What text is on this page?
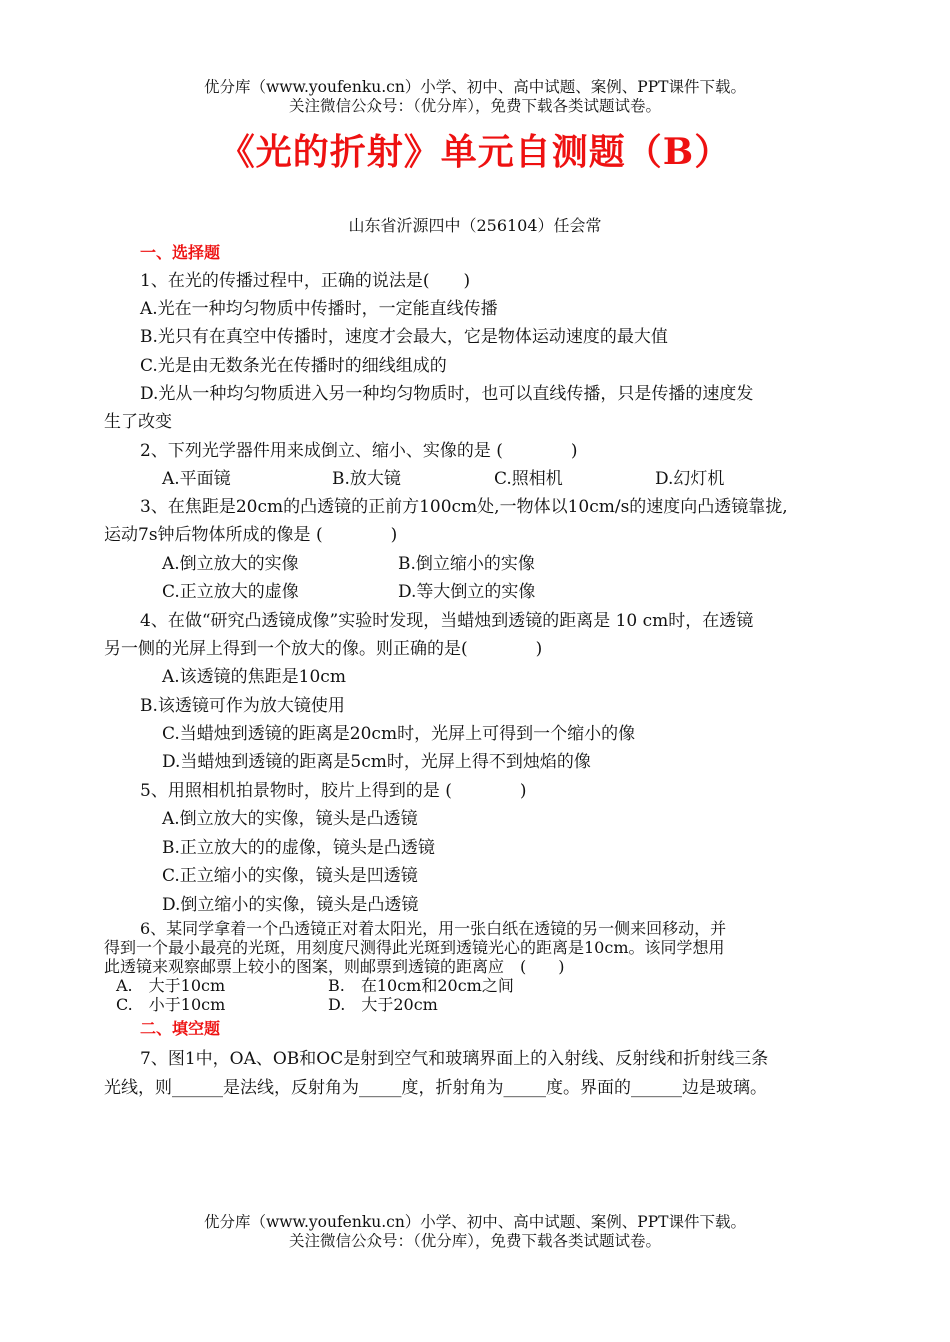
优分库（www.youfenku.cn）小学、初中、高中试题、案例、PPT课件下载。
关注微信公众号：（优分库），免费下载各类试题试卷。
《光的折射》单元自测题（B）
山东省沂源四中（256104）任会常
一、选择题
1、在光的传播过程中，正确的说法是(　　)
A.光在一种均匀物质中传播时，一定能直线传播
B.光只有在真空中传播时，速度才会最大，它是物体运动速度的最大值
C.光是由无数条光在传播时的细线组成的
D.光从一种均匀物质进入另一种均匀物质时，也可以直线传播，只是传播的速度发
生了改变
2、下列光学器件用来成倒立、缩小、实像的是 (　　　　)
A.平面镜	B.放大镜	C.照相机	D.幻灯机
3、在焦距是20cm的凸透镜的正前方100cm处,一物体以10cm/s的速度向凸透镜靠拢,
运动7s钟后物体所成的像是 (　　　　)
A.倒立放大的实像	B.倒立缩小的实像
C.正立放大的虚像	D.等大倒立的实像
4、在做“研究凸透镜成像”实验时发现，当蜡烛到透镜的距离是 10 cm时，在透镜
另一侧的光屏上得到一个放大的像。则正确的是(　　　　)
A.该透镜的焦距是10cm
B.该透镜可作为放大镜使用
C.当蜡烛到透镜的距离是20cm时，光屏上可得到一个缩小的像
D.当蜡烛到透镜的距离是5cm时，光屏上得不到烛焰的像
5、用照相机拍景物时，胶片上得到的是 (　　　　)
A.倒立放大的实像，镜头是凸透镜
B.正立放大的的虚像，镜头是凸透镜
C.正立缩小的实像，镜头是凹透镜
D.倒立缩小的实像，镜头是凸透镜
6、某同学拿着一个凸透镜正对着太阳光，用一张白纸在透镜的另一侧来回移动，并
得到一个最小最亮的光斑，用刻度尺测得此光斑到透镜光心的距离是10cm。该同学想用
此透镜来观察邮票上较小的图案，则邮票到透镜的距离应　(　　)
A.　大于10cm	B.　在10cm和20cm之间
C.　小于10cm	D.　大于20cm
二、填空题
7、图1中，OA、OB和OC是射到空气和玻璃界面上的入射线、反射线和折射线三条
光线，则______是法线，反射角为_____度，折射角为_____度。界面的______边是玻璃。
优分库（www.youfenku.cn）小学、初中、高中试题、案例、PPT课件下载。
关注微信公众号：（优分库），免费下载各类试题试卷。
